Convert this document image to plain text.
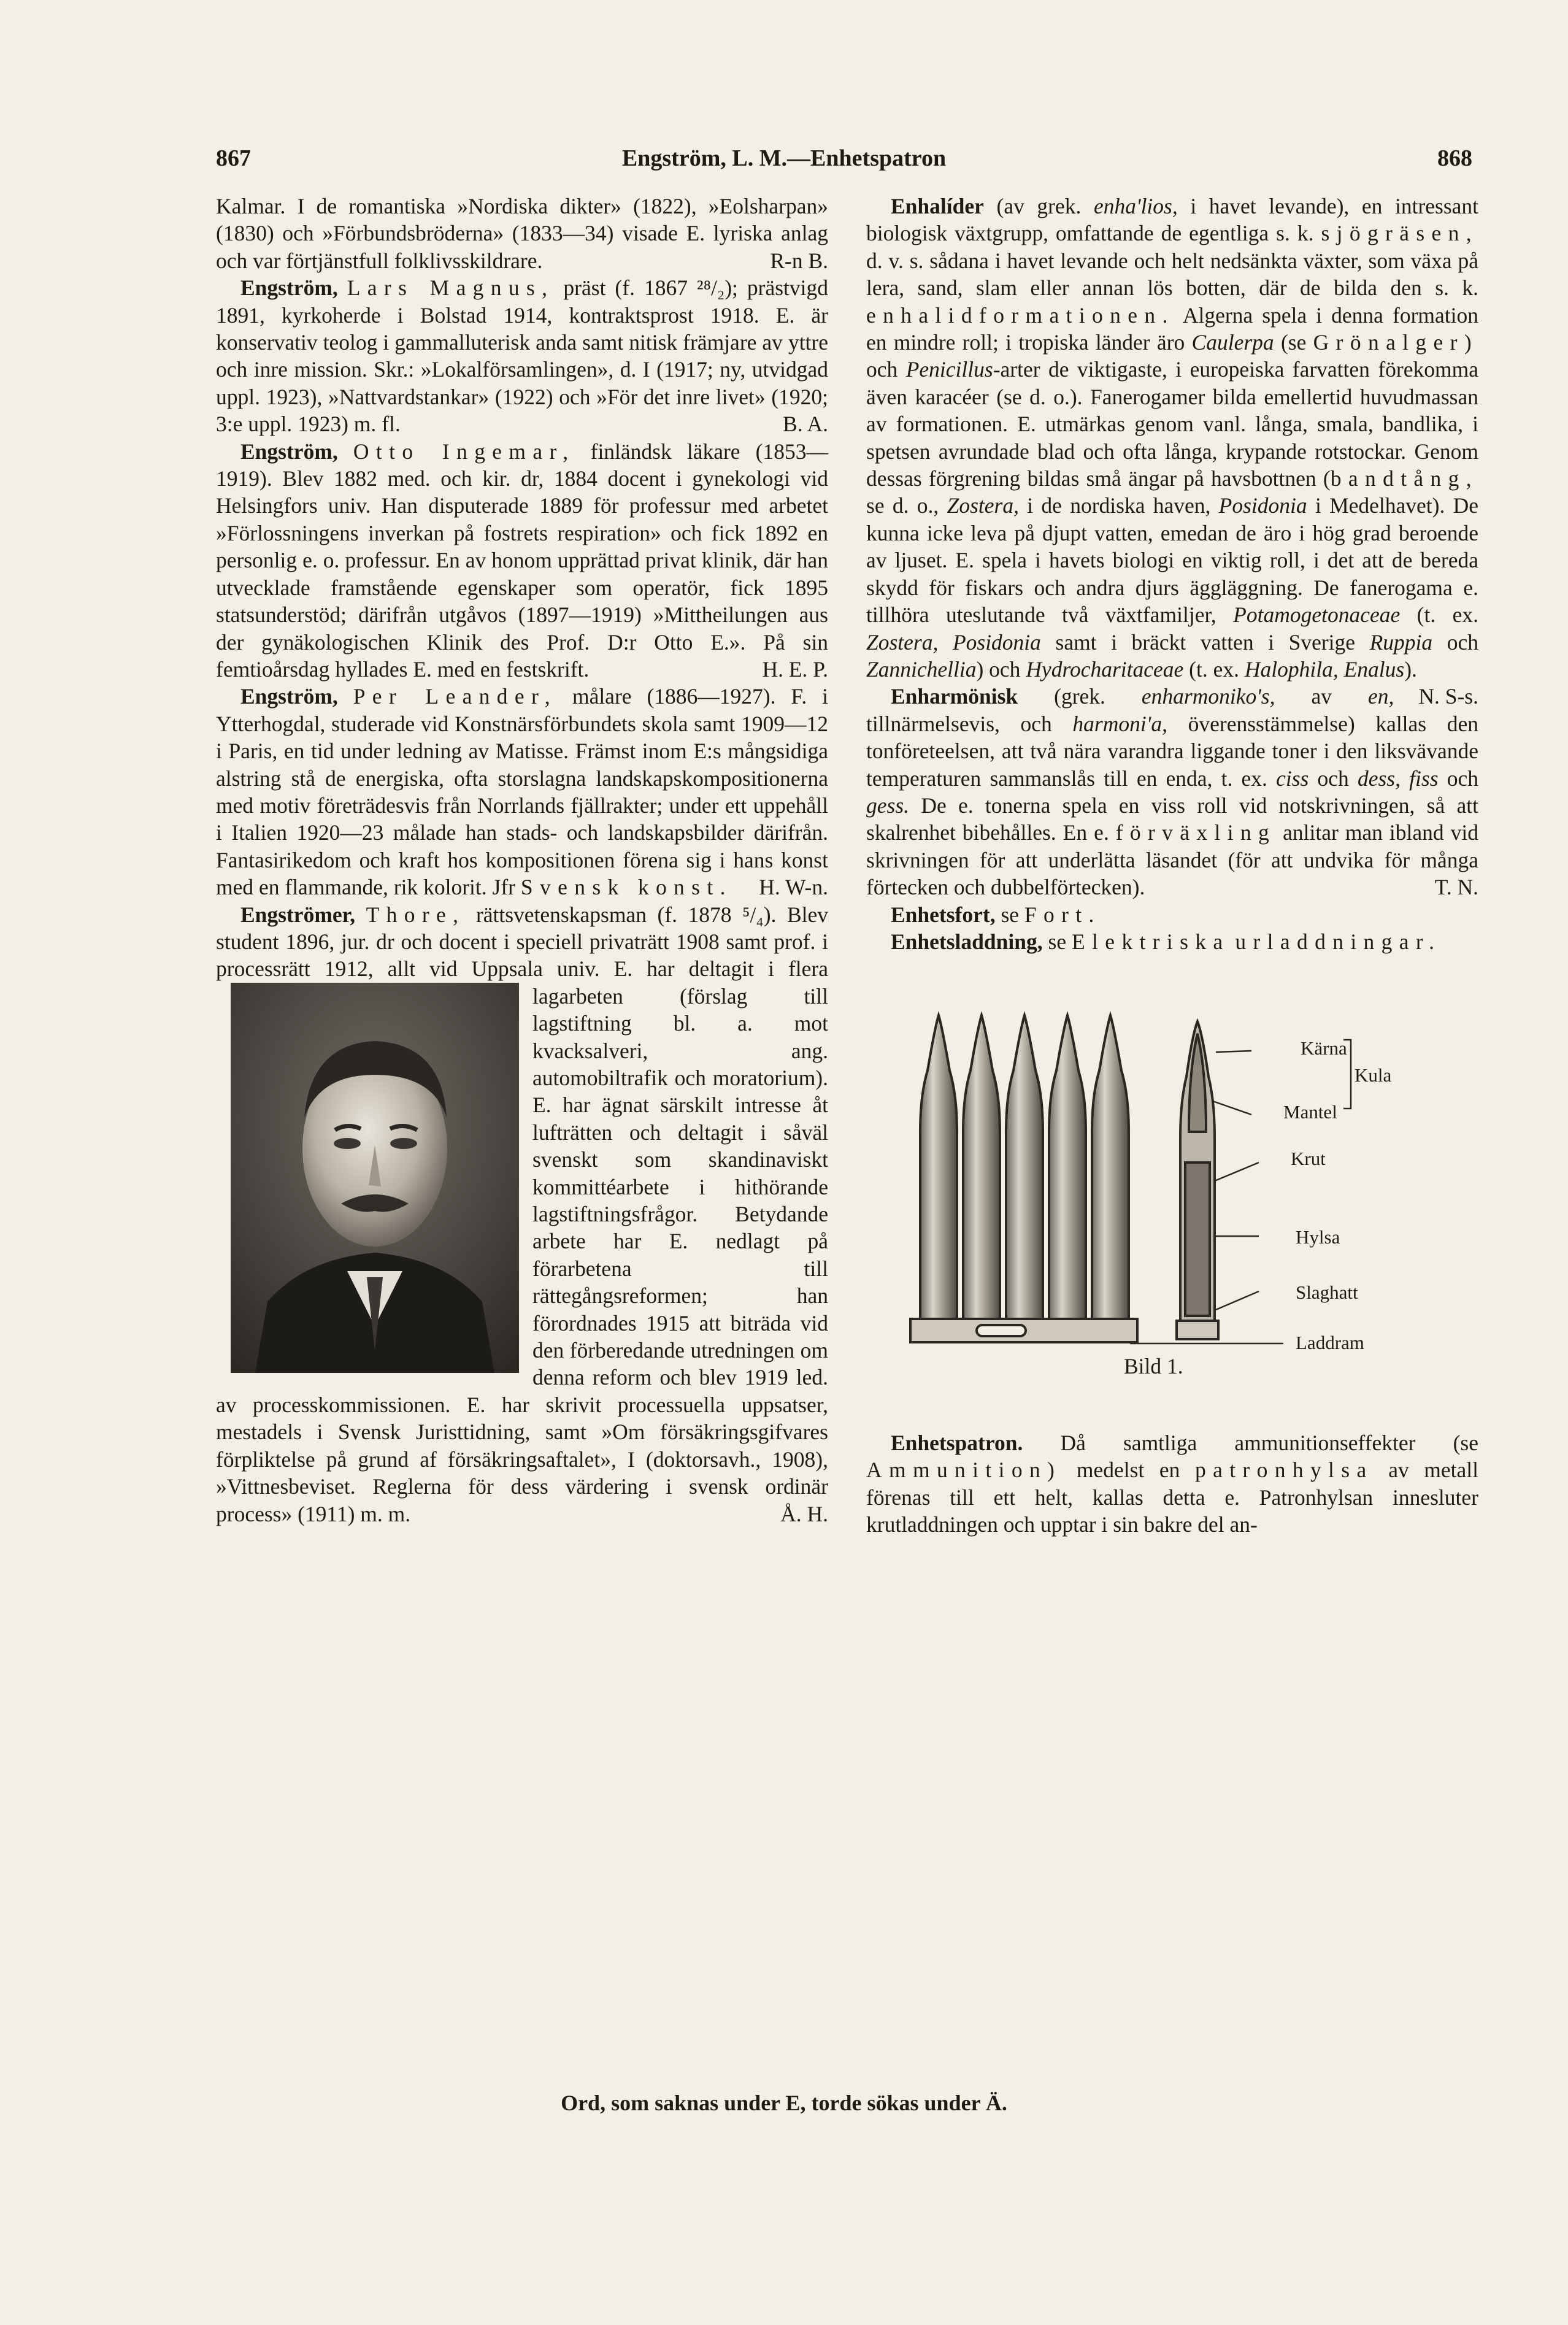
867	Engström, L. M.—Enhetspatron	868

Kalmar. I de romantiska »Nordiska dikter» (1822), »Eolsharpan» (1830) och »Förbundsbröderna» (1833—34) visade E. lyriska anlag och var förtjänstfull folklivsskildrare.	R-n B.

Engström, Lars Magnus, präst (f. 1867 ²⁸/₂); prästvigd 1891, kyrkoherde i Bolstad 1914, kontraktsprost 1918. E. är konservativ teolog i gammalluterisk anda samt nitisk främjare av yttre och inre mission. Skr.: »Lokalförsamlingen», d. I (1917; ny, utvidgad uppl. 1923), »Nattvardstankar» (1922) och »För det inre livet» (1920; 3:e uppl. 1923) m. fl.	B. A.

Engström, Otto Ingemar, finländsk läkare (1853—1919). Blev 1882 med. och kir. dr, 1884 docent i gynekologi vid Helsingfors univ. Han disputerade 1889 för professur med arbetet »Förlossningens inverkan på fostrets respiration» och fick 1892 en personlig e. o. professur. En av honom upprättad privat klinik, där han utvecklade framstående egenskaper som operatör, fick 1895 statsunderstöd; därifrån utgåvos (1897—1919) »Mittheilungen aus der gynäkologischen Klinik des Prof. D:r Otto E.». På sin femtioårsdag hyllades E. med en festskrift.	H. E. P.

Engström, Per Leander, målare (1886—1927). F. i Ytterhogdal, studerade vid Konstnärsförbundets skola samt 1909—12 i Paris, en tid under ledning av Matisse. Främst inom E:s mångsidiga alstring stå de energiska, ofta storslagna landskapskompositionerna med motiv företrädesvis från Norrlands fjällrakter; under ett uppehåll i Italien 1920—23 målade han stads- och landskapsbilder därifrån. Fantasirikedom och kraft hos kompositionen förena sig i hans konst med en flammande, rik kolorit. Jfr Svensk konst.	H. W-n.

Engströmer, Thore, rättsvetenskapsman (f. 1878 ⁵/₄). Blev student 1896, jur. dr och docent i speciell privaträtt 1908 samt prof. i processrätt 1912, allt vid Uppsala univ. E. har deltagit i flera lagarbeten (förslag till lagstiftning bl. a. mot kvacksalveri, ang. automobiltrafik och moratorium). E. har ägnat särskilt intresse åt lufträtten och deltagit i såväl svenskt som skandinaviskt kommittéarbete i hithörande lagstiftningsfrågor. Betydande arbete har E. nedlagt på förarbetena till rättegångsreformen; han förordnades 1915 att biträda vid den förberedande utredningen om denna reform och blev 1919 led. av processkommissionen. E. har skrivit processuella uppsatser, mestadels i Svensk Juristtidning, samt »Om försäkringsgifvares förpliktelse på grund af försäkringsaftalet», I (doktorsavh., 1908), »Vittnesbeviset. Reglerna för dess värdering i svensk ordinär process» (1911) m. m.	Å. H.

Enhalíder (av grek. enha'lios, i havet levande), en intressant biologisk växtgrupp, omfattande de egentliga s. k. sjögräsen, d. v. s. sådana i havet levande och helt nedsänkta växter, som växa på lera, sand, slam eller annan lös botten, där de bilda den s. k. enhalidformationen. Algerna spela i denna formation en mindre roll; i tropiska länder äro Caulerpa (se Grönalger) och Penicillus-arter de viktigaste, i europeiska farvatten förekomma även karacéer (se d. o.). Fanerogamer bilda emellertid huvudmassan av formationen. E. utmärkas genom vanl. långa, smala, bandlika, i spetsen avrundade blad och ofta långa, krypande rotstockar. Genom dessas förgrening bildas små ängar på havsbottnen (bandtång, se d. o., Zostera, i de nordiska haven, Posidonia i Medelhavet). De kunna icke leva på djupt vatten, emedan de äro i hög grad beroende av ljuset. E. spela i havets biologi en viktig roll, i det att de bereda skydd för fiskars och andra djurs äggläggning. De fanerogama e. tillhöra uteslutande två växtfamiljer, Potamogetonaceae (t. ex. Zostera, Posidonia samt i bräckt vatten i Sverige Ruppia och Zannichellia) och Hydrocharitaceae (t. ex. Halophila, Enalus).
N. S-s.

Enharmönisk (grek. enharmoniko's, av en, tillnärmelsevis, och harmoni'a, överensstämmelse) kallas den tonföreteelsen, att två nära varandra liggande toner i den liksvävande temperaturen sammanslås till en enda, t. ex. ciss och dess, fiss och gess. De e. tonerna spela en viss roll vid notskrivningen, så att skalrenhet bibehålles. En e. förväxling anlitar man ibland vid skrivningen för att underlätta läsandet (för att undvika för många förtecken och dubbelförtecken).	T. N.

Enhetsfort, se Fort.

Enhetsladdning, se Elektriska urladdningar.

Kärna
Kula
Mantel
Krut
Hylsa
Slaghatt
Laddram
Bild 1.

Enhetspatron. Då samtliga ammunitionseffekter (se Ammunition) medelst en patronhylsa av metall förenas till ett helt, kallas detta e. Patronhylsan innesluter krutladdningen och upptar i sin bakre del an-

Ord, som saknas under E, torde sökas under Ä.
